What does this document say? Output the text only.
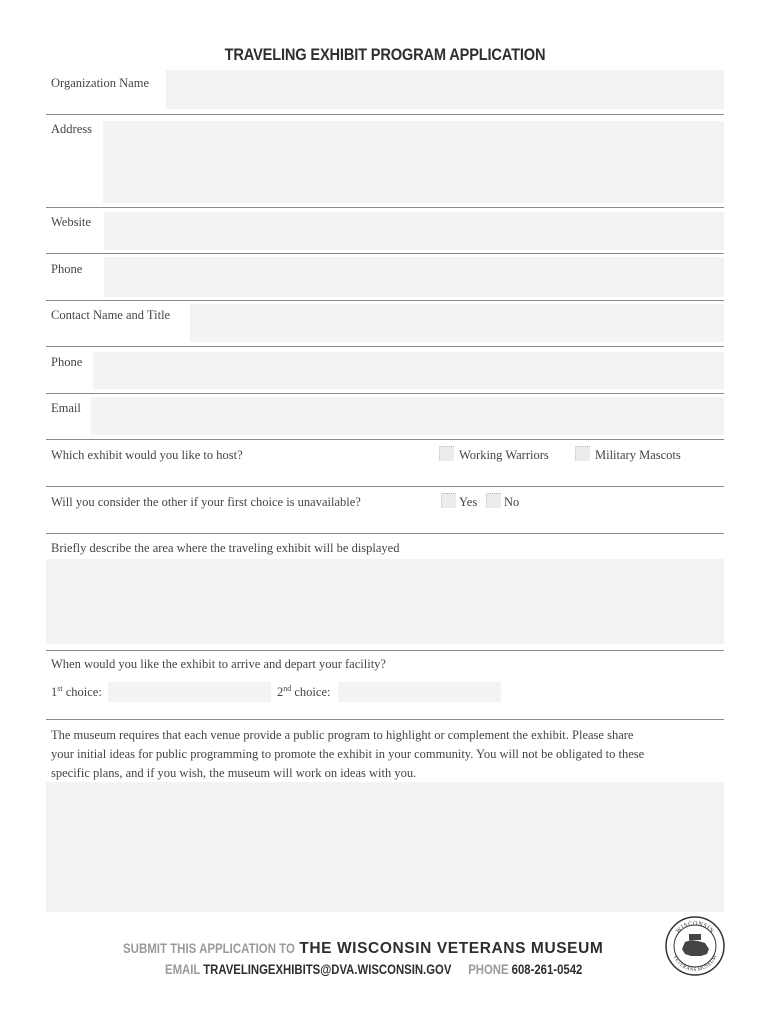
TRAVELING EXHIBIT PROGRAM APPLICATION
Organization Name
Address
Website
Phone
Contact Name and Title
Phone
Email
Which exhibit would you like to host?	Working Warriors	Military Mascots
Will you consider the other if your first choice is unavailable?	Yes No
Briefly describe the area where the traveling exhibit will be displayed
When would you like the exhibit to arrive and depart your facility?
1st choice:	2nd choice:
The museum requires that each venue provide a public program to highlight or complement the exhibit. Please share
your initial ideas for public programming to promote the exhibit in your community. You will not be obligated to these
specific plans, and if you wish, the museum will work on ideas with you.
SUBMIT THIS APPLICATION TOTHE WISCONSIN VETERANS MUSEUM
EMAIL TRAVELINGEXHIBITS@DVA.WISCONSIN.GOV PHONE 608-261-0542
WISCONSIN
VETERANS MUSEUM
